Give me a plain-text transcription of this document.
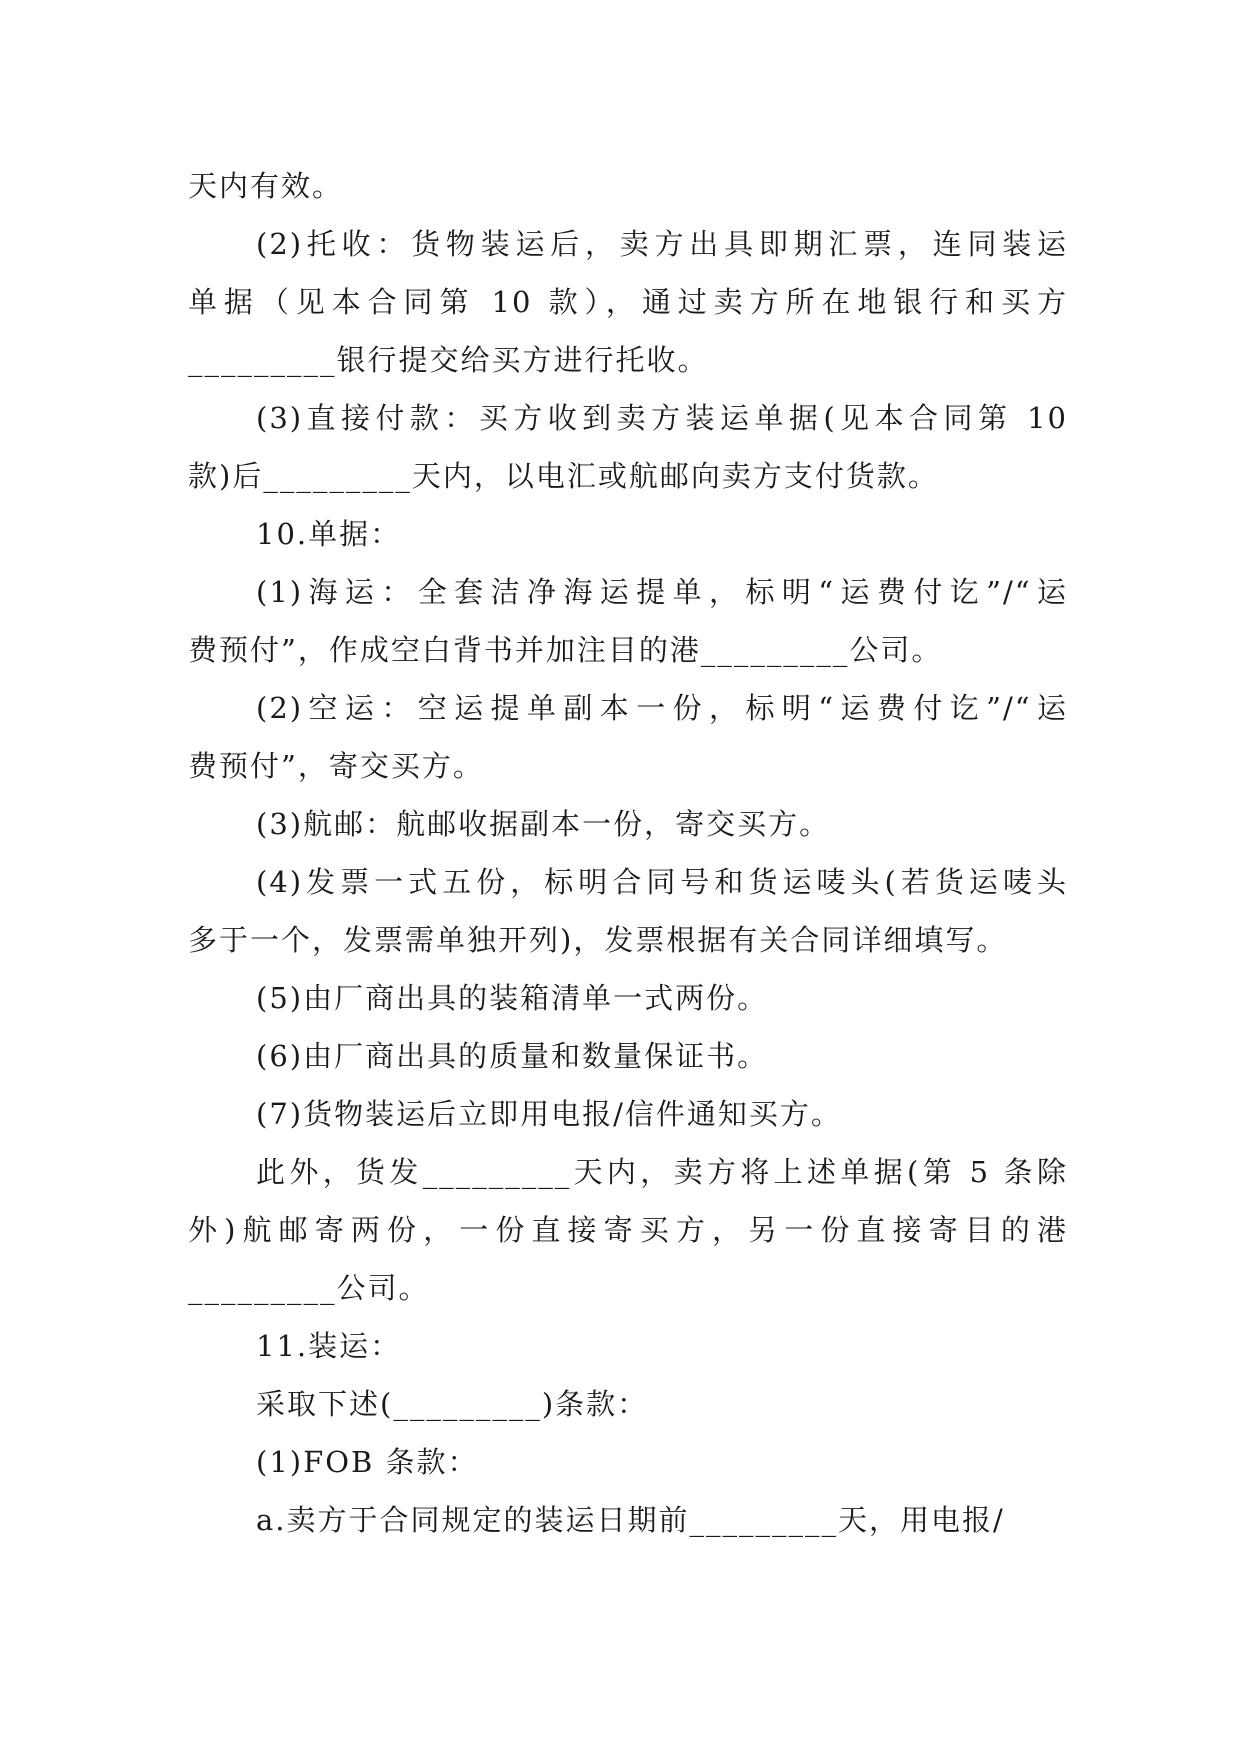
天内有效。
(2)托收：货物装运后，卖方出具即期汇票，连同装运
单据（见本合同第 10 款），通过卖方所在地银行和买方
_________银行提交给买方进行托收。
(3)直接付款：买方收到卖方装运单据(见本合同第 10
款)后_________天内，以电汇或航邮向卖方支付货款。
10.单据：
(1)海运：全套洁净海运提单，标明“运费付讫”/“运
费预付”，作成空白背书并加注目的港_________公司。
(2)空运：空运提单副本一份，标明“运费付讫”/“运
费预付”，寄交买方。
(3)航邮：航邮收据副本一份，寄交买方。
(4)发票一式五份，标明合同号和货运唛头(若货运唛头
多于一个，发票需单独开列)，发票根据有关合同详细填写。
(5)由厂商出具的装箱清单一式两份。
(6)由厂商出具的质量和数量保证书。
(7)货物装运后立即用电报/信件通知买方。
此外，货发_________天内，卖方将上述单据(第 5 条除
外)航邮寄两份，一份直接寄买方，另一份直接寄目的港
_________公司。
11.装运：
采取下述(_________)条款：
(1)FOB 条款：
a.卖方于合同规定的装运日期前_________天，用电报/
